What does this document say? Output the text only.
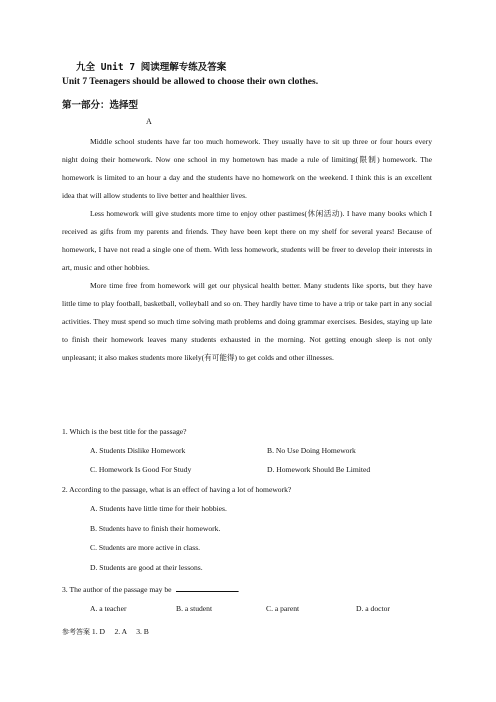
九全 Unit 7 阅读理解专练及答案
Unit 7 Teenagers should be allowed to choose their own clothes.
第一部分：选择型
A

Middle school students have far too much homework. They usually have to sit up three or four hours every night doing their homework. Now one school in my hometown has made a rule of limiting(限制) homework. The homework is limited to an hour a day and the students have no homework on the weekend. I think this is an excellent idea that will allow students to live better and healthier lives.

Less homework will give students more time to enjoy other pastimes(休闲活动). I have many books which I received as gifts from my parents and friends. They have been kept there on my shelf for several years! Because of homework, I have not read a single one of them. With less homework, students will be freer to develop their interests in art, music and other hobbies.

More time free from homework will get our physical health better. Many students like sports, but they have little time to play football, basketball, volleyball and so on. They hardly have time to have a trip or take part in any social activities. They must spend so much time solving math problems and doing grammar exercises. Besides, staying up late to finish their homework leaves many students exhausted in the morning. Not getting enough sleep is not only unpleasant; it also makes students more likely(有可能得) to get colds and other illnesses.

1. Which is the best title for the passage?
A. Students Dislike Homework	B. No Use Doing Homework
C. Homework Is Good For Study	D. Homework Should Be Limited
2. According to the passage, what is an effect of having a lot of homework?
A. Students have little time for their hobbies.
B. Students have to finish their homework.
C. Students are more active in class.
D. Students are good at their lessons.
3. The author of the passage may be	.
A. a teacher	B. a student	C. a parent	D. a doctor
参考答案 1. D     2. A     3. B
